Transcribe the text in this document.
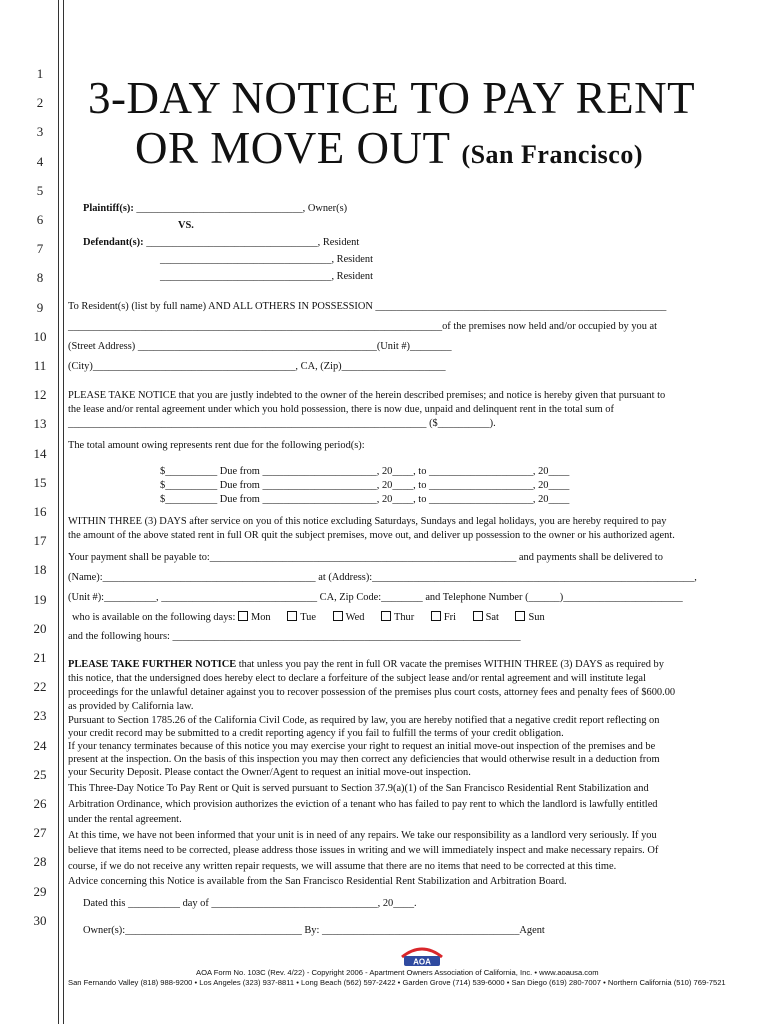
1
2
3
4
5
6
7
8
9
10
11
12
13
14
15
16
17
18
19
20
21
22
23
24
25
26
27
28
29
30
3-DAY NOTICE TO PAY RENT
OR MOVE OUT (San Francisco)
Plaintiff(s): ________________________________, Owner(s)
VS.
Defendant(s): _________________________________, Resident
_________________________________, Resident
_________________________________, Resident
To Resident(s) (list by full name) AND ALL OTHERS IN POSSESSION ________________________________________________________
________________________________________________________________________of the premises now held and/or occupied by you at
(Street Address) ______________________________________________(Unit #)________
(City)_______________________________________, CA, (Zip)____________________
PLEASE TAKE NOTICE that you are justly indebted to the owner of the herein described premises; and notice is hereby given that pursuant to
the lease and/or rental agreement under which you hold possession, there is now due, unpaid and delinquent rent in the total sum of
_____________________________________________________________________ ($__________).
The total amount owing represents rent due for the following period(s):
$__________ Due from ______________________, 20____, to ____________________, 20____
$__________ Due from ______________________, 20____, to ____________________, 20____
$__________ Due from ______________________, 20____, to ____________________, 20____
WITHIN THREE (3) DAYS after service on you of this notice excluding Saturdays, Sundays and legal holidays, you are hereby required to pay
the amount of the above stated rent in full OR quit the subject premises, move out, and deliver up possession to the owner or his authorized agent.
Your payment shall be payable to:___________________________________________________________ and payments shall be delivered to
(Name):_________________________________________ at (Address):______________________________________________________________,
(Unit #):__________, ______________________________ CA, Zip Code:________ and Telephone Number (______)_______________________
who is available on the following days: Mon	Tue	Wed	Thur	Fri	Sat	Sun
and the following hours: ___________________________________________________________________
PLEASE TAKE FURTHER NOTICE that unless you pay the rent in full OR vacate the premises WITHIN THREE (3) DAYS as required by
this notice, that the undersigned does hereby elect to declare a forfeiture of the subject lease and/or rental agreement and will institute legal
proceedings for the unlawful detainer against you to recover possession of the premises plus court costs, attorney fees and penalty fees of $600.00
as provided by California law.
Pursuant to Section 1785.26 of the California Civil Code, as required by law, you are hereby notified that a negative credit report reflecting on
your credit record may be submitted to a credit reporting agency if you fail to fulfill the terms of your credit obligation.
If your tenancy terminates because of this notice you may exercise your right to request an initial move-out inspection of the premises and be
present at the inspection. On the basis of this inspection you may then correct any deficiencies that would otherwise result in a deduction from
your Security Deposit. Please contact the Owner/Agent to request an initial move-out inspection.
This Three-Day Notice To Pay Rent or Quit is served pursuant to Section 37.9(a)(1) of the San Francisco Residential Rent Stabilization and
Arbitration Ordinance, which provision authorizes the eviction of a tenant who has failed to pay rent to which the landlord is lawfully entitled
under the rental agreement.
At this time, we have not been informed that your unit is in need of any repairs. We take our responsibility as a landlord very seriously. If you
believe that items need to be corrected, please address those issues in writing and we will immediately inspect and make necessary repairs. Of
course, if we do not receive any written repair requests, we will assume that there are no items that need to be corrected at this time.
Advice concerning this Notice is available from the San Francisco Residential Rent Stabilization and Arbitration Board.
Dated this __________ day of ________________________________, 20____.
Owner(s):__________________________________ By: ______________________________________Agent
AOA
AOA Form No. 103C (Rev. 4/22) - Copyright 2006 - Apartment Owners Association of California, Inc. • www.aoausa.com
San Fernando Valley (818) 988-9200 • Los Angeles (323) 937-8811 • Long Beach (562) 597-2422 • Garden Grove (714) 539-6000 • San Diego (619) 280-7007 • Northern California (510) 769-7521
